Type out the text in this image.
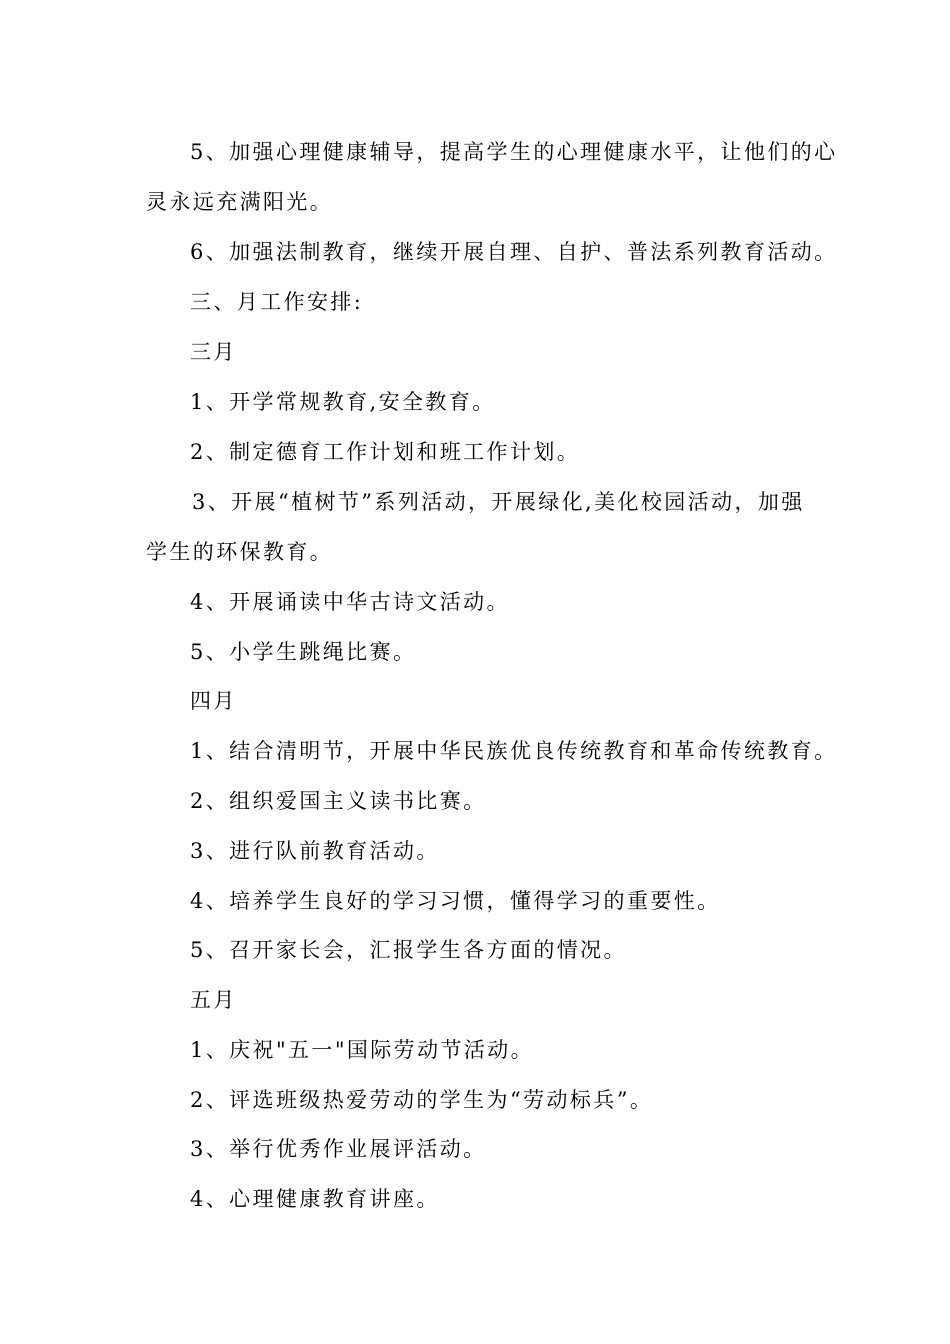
5、加强心理健康辅导，提高学生的心理健康水平，让他们的心
灵永远充满阳光。
6、加强法制教育，继续开展自理、自护、普法系列教育活动。
三、月工作安排:
三月
1、开学常规教育,安全教育。
2、制定德育工作计划和班工作计划。
3、开展“植树节”系列活动，开展绿化,美化校园活动，加强
学生的环保教育。
4、开展诵读中华古诗文活动。
5、小学生跳绳比赛。
四月
1、结合清明节，开展中华民族优良传统教育和革命传统教育。
2、组织爱国主义读书比赛。
3、进行队前教育活动。
4、培养学生良好的学习习惯，懂得学习的重要性。
5、召开家长会，汇报学生各方面的情况。
五月
1、庆祝"五一"国际劳动节活动。
2、评选班级热爱劳动的学生为“劳动标兵”。
3、举行优秀作业展评活动。
4、心理健康教育讲座。
